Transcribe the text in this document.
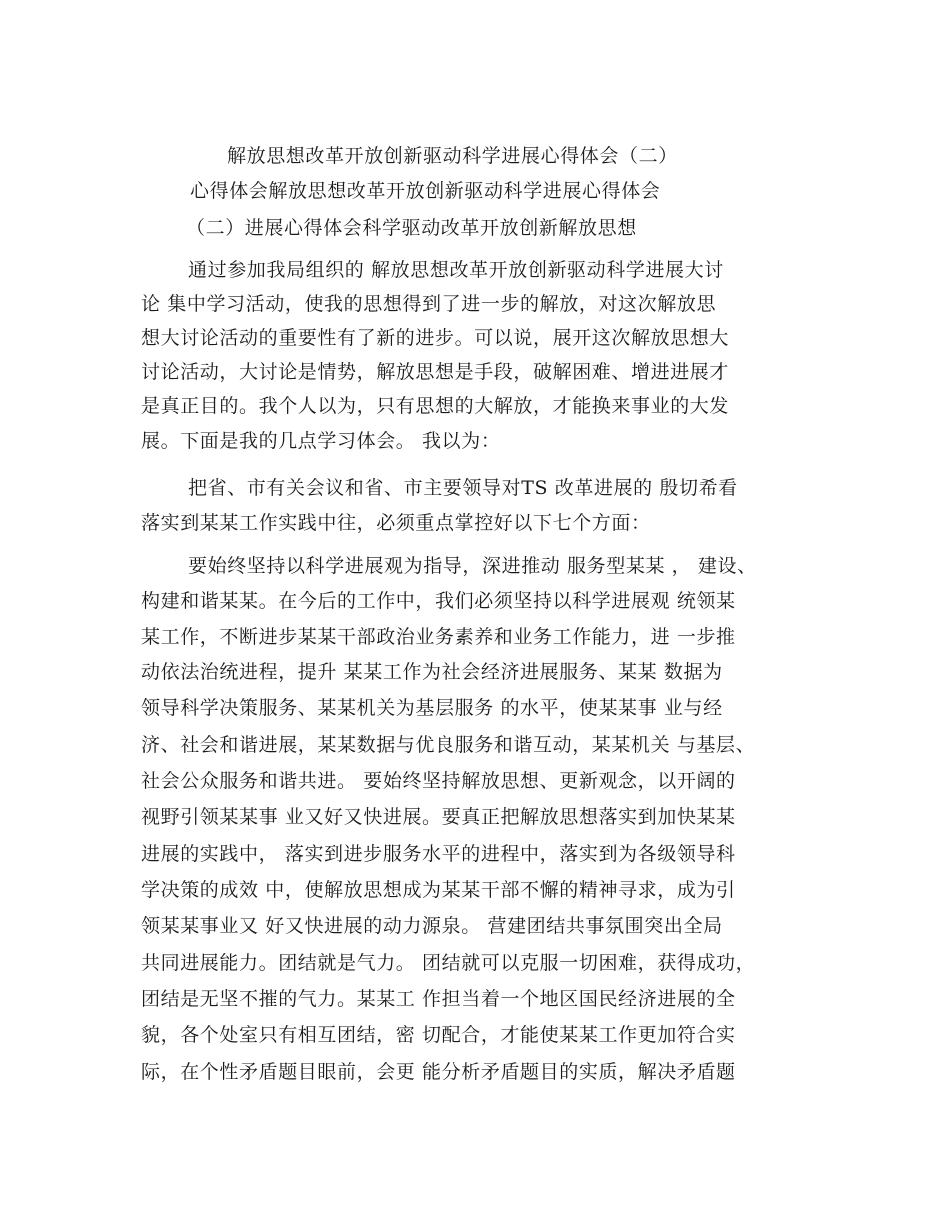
解放思想改革开放创新驱动科学进展心得体会（二）
心得体会解放思想改革开放创新驱动科学进展心得体会
（二）进展心得体会科学驱动改革开放创新解放思想
通过参加我局组织的 解放思想改革开放创新驱动科学进展大讨
论 集中学习活动，使我的思想得到了进一步的解放，对这次解放思
想大讨论活动的重要性有了新的进步。可以说，展开这次解放思想大
讨论活动，大讨论是情势，解放思想是手段，破解困难、增进进展才
是真正目的。我个人以为，只有思想的大解放，才能换来事业的大发
展。下面是我的几点学习体会。 我以为：
把省、市有关会议和省、市主要领导对TS 改革进展的 殷切希看
落实到某某工作实践中往，必须重点掌控好以下七个方面：
要始终坚持以科学进展观为指导，深进推动 服务型某某 ， 建设、
构建和谐某某。在今后的工作中，我们必须坚持以科学进展观 统领某
某工作，不断进步某某干部政治业务素养和业务工作能力，进 一步推
动依法治统进程，提升 某某工作为社会经济进展服务、某某 数据为
领导科学决策服务、某某机关为基层服务 的水平，使某某事 业与经
济、社会和谐进展，某某数据与优良服务和谐互动，某某机关 与基层、
社会公众服务和谐共进。 要始终坚持解放思想、更新观念，以开阔的
视野引领某某事 业又好又快进展。要真正把解放思想落实到加快某某
进展的实践中， 落实到进步服务水平的进程中，落实到为各级领导科
学决策的成效 中，使解放思想成为某某干部不懈的精神寻求，成为引
领某某事业又 好又快进展的动力源泉。 营建团结共事氛围突出全局
共同进展能力。团结就是气力。 团结就可以克服一切困难，获得成功，
团结是无坚不摧的气力。某某工 作担当着一个地区国民经济进展的全
貌，各个处室只有相互团结，密 切配合，才能使某某工作更加符合实
际，在个性矛盾题目眼前，会更 能分析矛盾题目的实质，解决矛盾题
